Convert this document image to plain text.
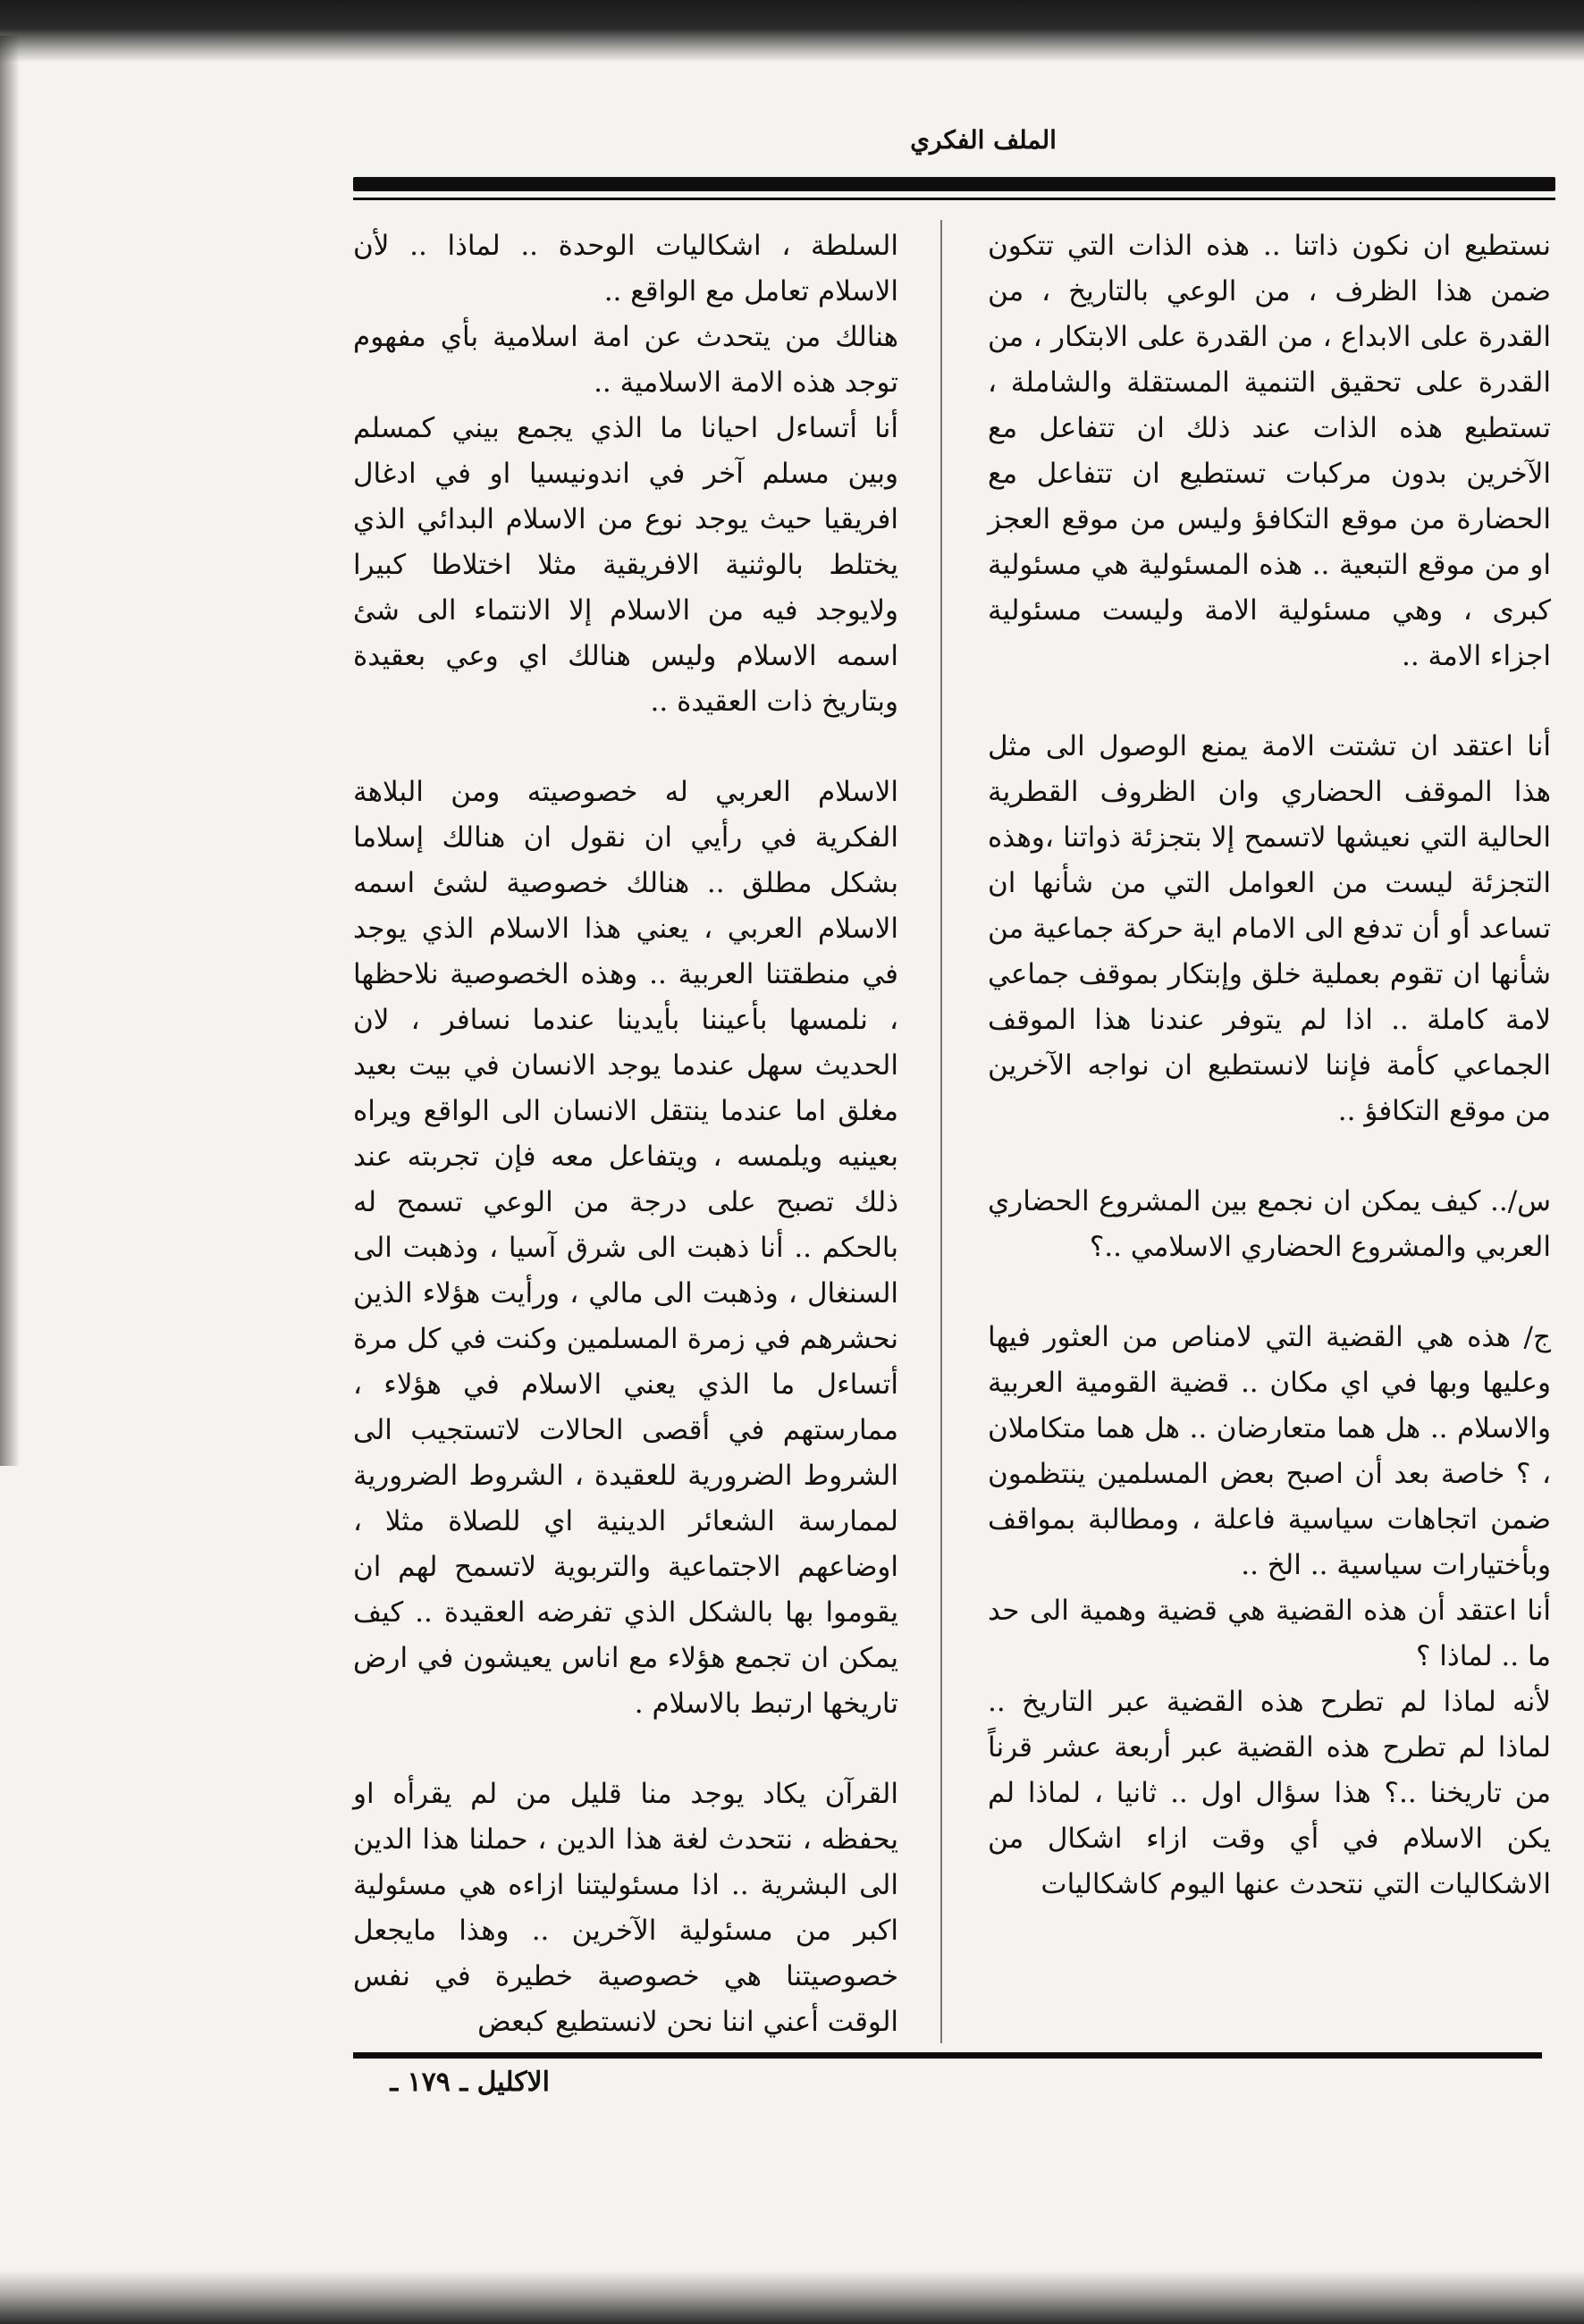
الملف الفكري

نستطيع ان نكون ذاتنا .. هذه الذات التي تتكون ضمن هذا الظرف ، من الوعي بالتاريخ ، من القدرة على الابداع ، من القدرة على الابتكار ، من القدرة على تحقيق التنمية المستقلة والشاملة ، تستطيع هذه الذات عند ذلك ان تتفاعل مع الآخرين بدون مركبات تستطيع ان تتفاعل مع الحضارة من موقع التكافؤ وليس من موقع العجز او من موقع التبعية .. هذه المسئولية هي مسئولية كبرى ، وهي مسئولية الامة وليست مسئولية اجزاء الامة ..

أنا اعتقد ان تشتت الامة يمنع الوصول الى مثل هذا الموقف الحضاري وان الظروف القطرية الحالية التي نعيشها لاتسمح إلا بتجزئة ذواتنا ،وهذه التجزئة ليست من العوامل التي من شأنها ان تساعد أو أن تدفع الى الامام اية حركة جماعية من شأنها ان تقوم بعملية خلق وإبتكار بموقف جماعي لامة كاملة .. اذا لم يتوفر عندنا هذا الموقف الجماعي كأمة فإننا لانستطيع ان نواجه الآخرين من موقع التكافؤ ..

س/.. كيف يمكن ان نجمع بين المشروع الحضاري العربي والمشروع الحضاري الاسلامي ..؟

ج/ هذه هي القضية التي لامناص من العثور فيها وعليها وبها في اي مكان .. قضية القومية العربية والاسلام .. هل هما متعارضان .. هل هما متكاملان ، ؟ خاصة بعد أن اصبح بعض المسلمين ينتظمون ضمن اتجاهات سياسية فاعلة ، ومطالبة بمواقف وبأختيارات سياسية .. الخ ..

أنا اعتقد أن هذه القضية هي قضية وهمية الى حد ما .. لماذا ؟

لأنه لماذا لم تطرح هذه القضية عبر التاريخ .. لماذا لم تطرح هذه القضية عبر أربعة عشر قرناً من تاريخنا ..؟ هذا سؤال اول .. ثانيا ، لماذا لم يكن الاسلام في أي وقت ازاء اشكال من الاشكاليات التي نتحدث عنها اليوم كاشكاليات

السلطة ، اشكاليات الوحدة .. لماذا .. لأن الاسلام تعامل مع الواقع ..

هنالك من يتحدث عن امة اسلامية بأي مفهوم توجد هذه الامة الاسلامية ..

أنا أتساءل احيانا ما الذي يجمع بيني كمسلم وبين مسلم آخر في اندونيسيا او في ادغال افريقيا حيث يوجد نوع من الاسلام البدائي الذي يختلط بالوثنية الافريقية مثلا اختلاطا كبيرا ولايوجد فيه من الاسلام إلا الانتماء الى شئ اسمه الاسلام وليس هنالك اي وعي بعقيدة وبتاريخ ذات العقيدة ..

الاسلام العربي له خصوصيته ومن البلاهة الفكرية في رأيي ان نقول ان هنالك إسلاما بشكل مطلق .. هنالك خصوصية لشئ اسمه الاسلام العربي ، يعني هذا الاسلام الذي يوجد في منطقتنا العربية .. وهذه الخصوصية نلاحظها ، نلمسها بأعيننا بأيدينا عندما نسافر ، لان الحديث سهل عندما يوجد الانسان في بيت بعيد مغلق اما عندما ينتقل الانسان الى الواقع ويراه بعينيه ويلمسه ، ويتفاعل معه فإن تجربته عند ذلك تصبح على درجة من الوعي تسمح له بالحكم .. أنا ذهبت الى شرق آسيا ، وذهبت الى السنغال ، وذهبت الى مالي ، ورأيت هؤلاء الذين نحشرهم في زمرة المسلمين وكنت في كل مرة أتساءل ما الذي يعني الاسلام في هؤلاء ، ممارستهم في أقصى الحالات لاتستجيب الى الشروط الضرورية للعقيدة ، الشروط الضرورية لممارسة الشعائر الدينية اي للصلاة مثلا ، اوضاعهم الاجتماعية والتربوية لاتسمح لهم ان يقوموا بها بالشكل الذي تفرضه العقيدة .. كيف يمكن ان تجمع هؤلاء مع اناس يعيشون في ارض تاريخها ارتبط بالاسلام .

القرآن يكاد يوجد منا قليل من لم يقرأه او يحفظه ، نتحدث لغة هذا الدين ، حملنا هذا الدين الى البشرية .. اذا مسئوليتنا ازاءه هي مسئولية اكبر من مسئولية الآخرين .. وهذا مايجعل خصوصيتنا هي خصوصية خطيرة في نفس الوقت أعني اننا نحن لانستطيع كبعض

الاكليل ـ ١٧٩ ـ
